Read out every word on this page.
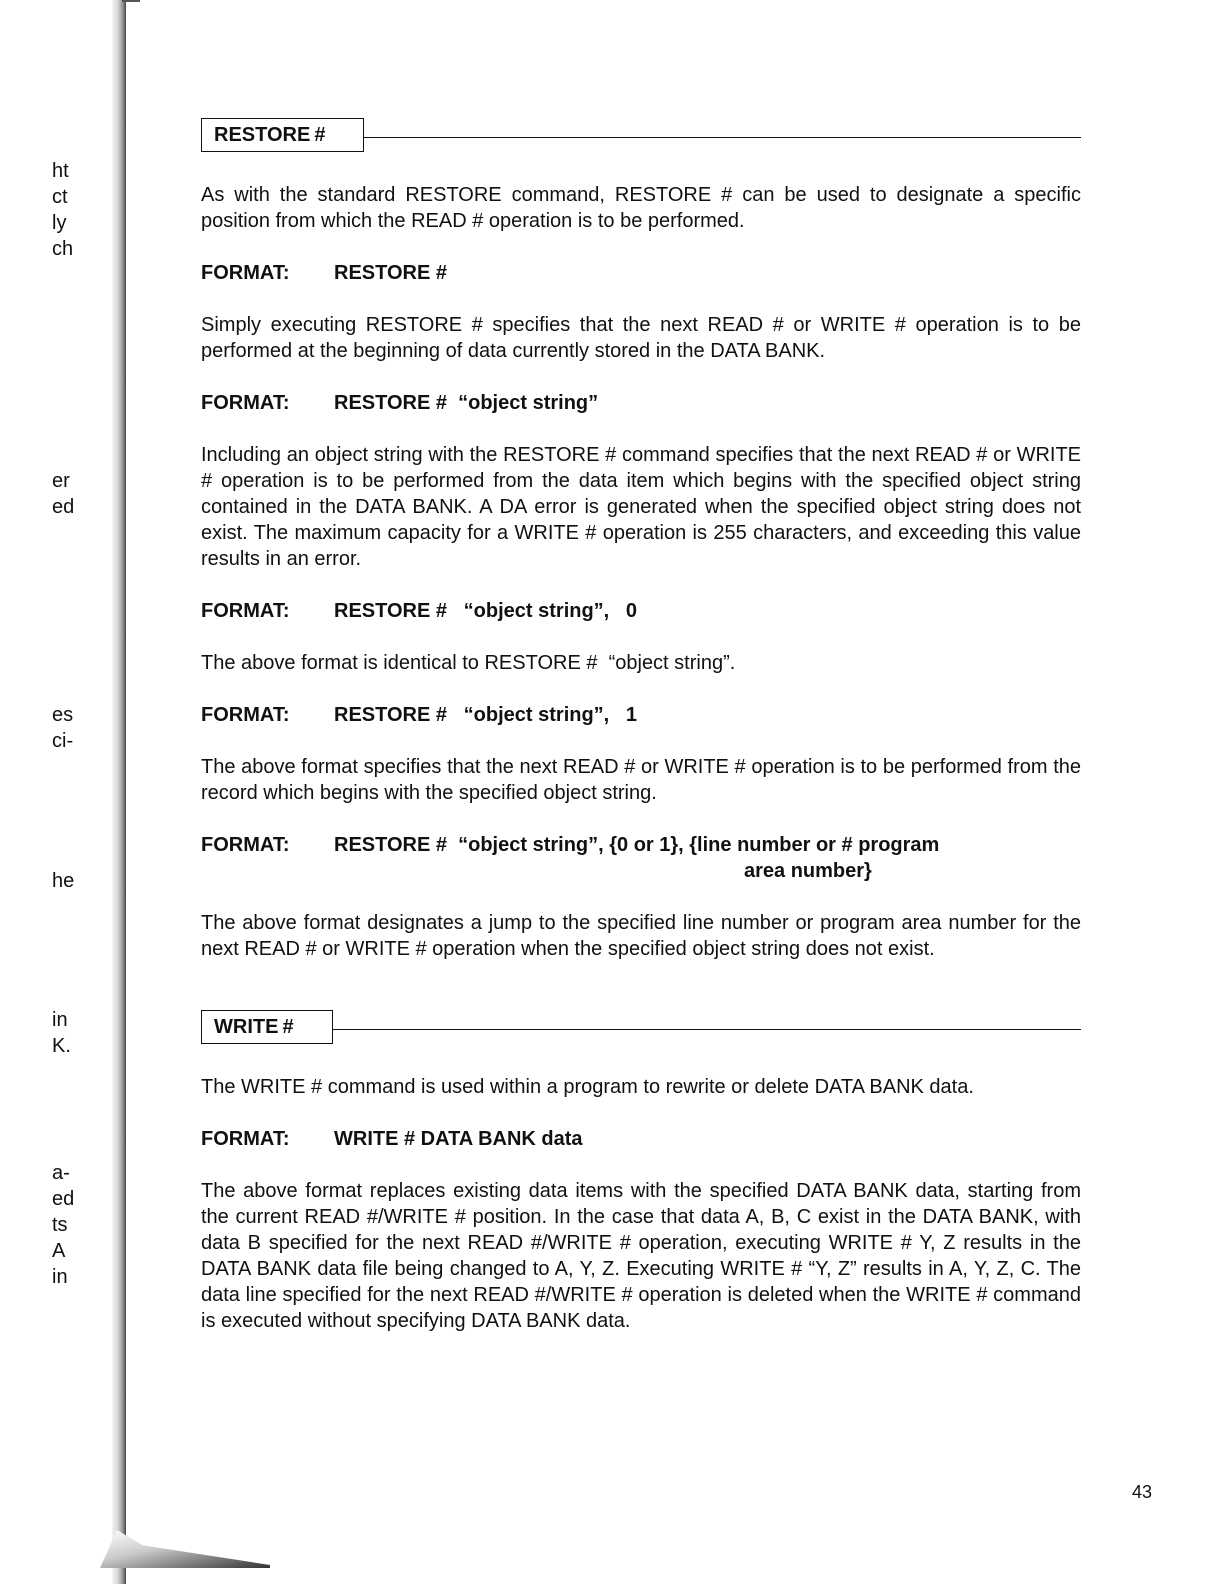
ht
ct
ly
ch
er
ed
es
ci-
he
in
K.
a-
ed
ts
A
in
RESTORE #

As with the standard RESTORE command, RESTORE # can be used to designate a specific position from which the READ # operation is to be performed.

FORMAT:	RESTORE #

Simply executing RESTORE # specifies that the next READ # or WRITE # operation is to be performed at the beginning of data currently stored in the DATA BANK.

FORMAT:	RESTORE #  “object string”

Including an object string with the RESTORE # command specifies that the next READ # or WRITE # operation is to be performed from the data item which begins with the specified object string contained in the DATA BANK. A DA error is generated when the specified object string does not exist. The maximum capacity for a WRITE # operation is 255 characters, and exceeding this value results in an error.

FORMAT:	RESTORE #   “object string”,   0

The above format is identical to RESTORE #  “object string”.

FORMAT:	RESTORE #   “object string”,   1

The above format specifies that the next READ # or WRITE # operation is to be performed from the record which begins with the specified object string.

FORMAT:	RESTORE #  “object string”, {0 or 1}, {line number or # program
area number}

The above format designates a jump to the specified line number or program area number for the next READ # or WRITE # operation when the specified object string does not exist.

WRITE #

The WRITE # command is used within a program to rewrite or delete DATA BANK data.

FORMAT:	WRITE # DATA BANK data

The above format replaces existing data items with the specified DATA BANK data, starting from the current READ #/WRITE # position. In the case that data A, B, C exist in the DATA BANK, with data B specified for the next READ #/WRITE # operation, executing WRITE # Y, Z results in the DATA BANK data file being changed to A, Y, Z. Executing WRITE # “Y, Z” results in A, Y, Z, C. The data line specified for the next READ #/WRITE # operation is deleted when the WRITE # command is executed without specifying DATA BANK data.

43
